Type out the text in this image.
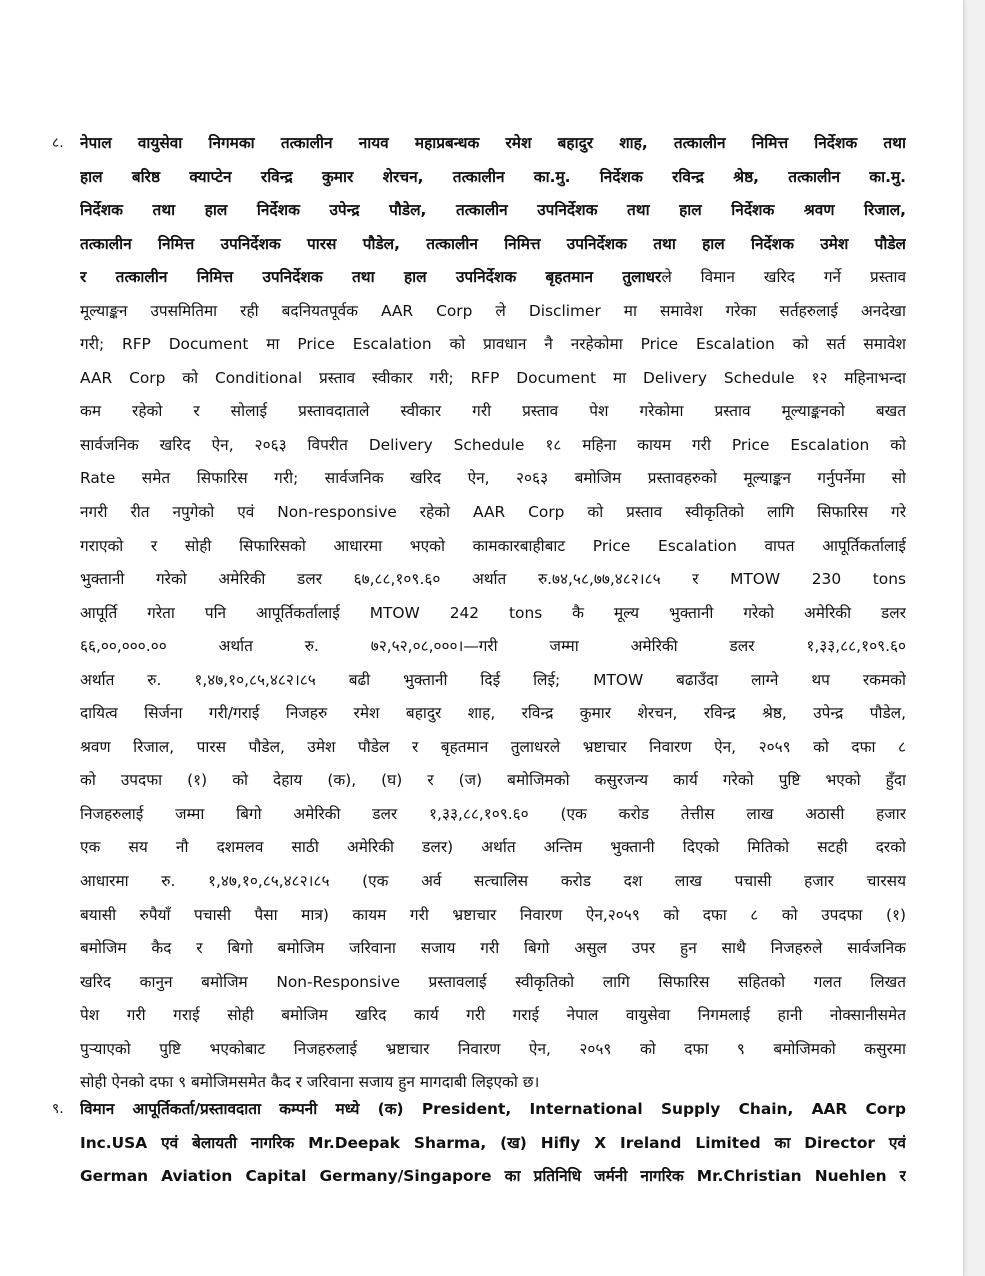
८. नेपाल वायुसेवा निगमका तत्कालीन नायव महाप्रबन्धक रमेश बहादुर शाह, तत्कालीन निमित्त निर्देशक तथा
हाल बरिष्ठ क्याप्टेन रविन्द्र कुमार शेरचन, तत्कालीन का.मु. निर्देशक रविन्द्र श्रेष्ठ, तत्कालीन का.मु.
निर्देशक तथा हाल निर्देशक उपेन्द्र पौडेल, तत्कालीन उपनिर्देशक तथा हाल निर्देशक श्रवण रिजाल,
तत्कालीन निमित्त उपनिर्देशक पारस पौडेल, तत्कालीन निमित्त उपनिर्देशक तथा हाल निर्देशक उमेश पौडेल
र तत्कालीन निमित्त उपनिर्देशक तथा हाल उपनिर्देशक बृहतमान तुलाधरले विमान खरिद गर्ने प्रस्ताव
मूल्याङ्कन उपसमितिमा रही बदनियतपूर्वक AAR Corp ले Disclimer मा समावेश गरेका सर्तहरुलाई अनदेखा
गरी; RFP Document मा Price Escalation को प्रावधान नै नरहेकोमा Price Escalation को सर्त समावेश
AAR Corp को Conditional प्रस्ताव स्वीकार गरी; RFP Document मा Delivery Schedule १२ महिनाभन्दा
कम रहेको र सोलाई प्रस्तावदाताले स्वीकार गरी प्रस्ताव पेश गरेकोमा प्रस्ताव मूल्याङ्कनको बखत
सार्वजनिक खरिद ऐन, २०६३ विपरीत Delivery Schedule १८ महिना कायम गरी Price Escalation को
Rate समेत सिफारिस गरी; सार्वजनिक खरिद ऐन, २०६३ बमोजिम प्रस्तावहरुको मूल्याङ्कन गर्नुपर्नेमा सो
नगरी रीत नपुगेको एवं Non-responsive रहेको AAR Corp को प्रस्ताव स्वीकृतिको लागि सिफारिस गरे
गराएको र सोही सिफारिसको आधारमा भएको कामकारबाहीबाट Price Escalation वापत आपूर्तिकर्तालाई
भुक्तानी गरेको अमेरिकी डलर ६७,८८,१०९.६० अर्थात रु.७४,५८,७७,४८२।८५ र MTOW 230 tons
आपूर्ति गरेता पनि आपूर्तिकर्तालाई MTOW 242 tons कै मूल्य भुक्तानी गरेको अमेरिकी डलर
६६,००,०००.०० अर्थात रु. ७२,५२,०८,०००।—गरी जम्मा अमेरिकी डलर १,३३,८८,१०९.६०
अर्थात रु. १,४७,१०,८५,४८२।८५ बढी भुक्तानी दिई लिई; MTOW बढाउँदा लाग्ने थप रकमको
दायित्व सिर्जना गरी/गराई निजहरु रमेश बहादुर शाह, रविन्द्र कुमार शेरचन, रविन्द्र श्रेष्ठ, उपेन्द्र पौडेल,
श्रवण रिजाल, पारस पौडेल, उमेश पौडेल र बृहतमान तुलाधरले भ्रष्टाचार निवारण ऐन, २०५९ को दफा ८
को उपदफा (१) को देहाय (क), (घ) र (ज) बमोजिमको कसुरजन्य कार्य गरेको पुष्टि भएको हुँदा
निजहरुलाई जम्मा बिगो अमेरिकी डलर १,३३,८८,१०९.६० (एक करोड तेत्तीस लाख अठासी हजार
एक सय नौ दशमलव साठी अमेरिकी डलर) अर्थात अन्तिम भुक्तानी दिएको मितिको सटही दरको
आधारमा रु. १,४७,१०,८५,४८२।८५ (एक अर्व सत्चालिस करोड दश लाख पचासी हजार चारसय
बयासी रुपैयाँ पचासी पैसा मात्र) कायम गरी भ्रष्टाचार निवारण ऐन,२०५९ को दफा ८ को उपदफा (१)
बमोजिम कैद र बिगो बमोजिम जरिवाना सजाय गरी बिगो असुल उपर हुन साथै निजहरुले सार्वजनिक
खरिद कानुन बमोजिम Non-Responsive प्रस्तावलाई स्वीकृतिको लागि सिफारिस सहितको गलत लिखत
पेश गरी गराई सोही बमोजिम खरिद कार्य गरी गराई नेपाल वायुसेवा निगमलाई हानी नोक्सानीसमेत
पुऱ्याएको पुष्टि भएकोबाट निजहरुलाई भ्रष्टाचार निवारण ऐन, २०५९ को दफा ९ बमोजिमको कसुरमा
सोही ऐनको दफा ९ बमोजिमसमेत कैद र जरिवाना सजाय हुन मागदाबी लिइएको छ।
९. विमान आपूर्तिकर्ता/प्रस्तावदाता कम्पनी मध्ये (क) President, International Supply Chain, AAR Corp
Inc.USA एवं बेलायती नागरिक Mr.Deepak Sharma, (ख) Hifly X Ireland Limited का Director एवं
German Aviation Capital Germany/Singapore का प्रतिनिधि जर्मनी नागरिक Mr.Christian Nuehlen र
